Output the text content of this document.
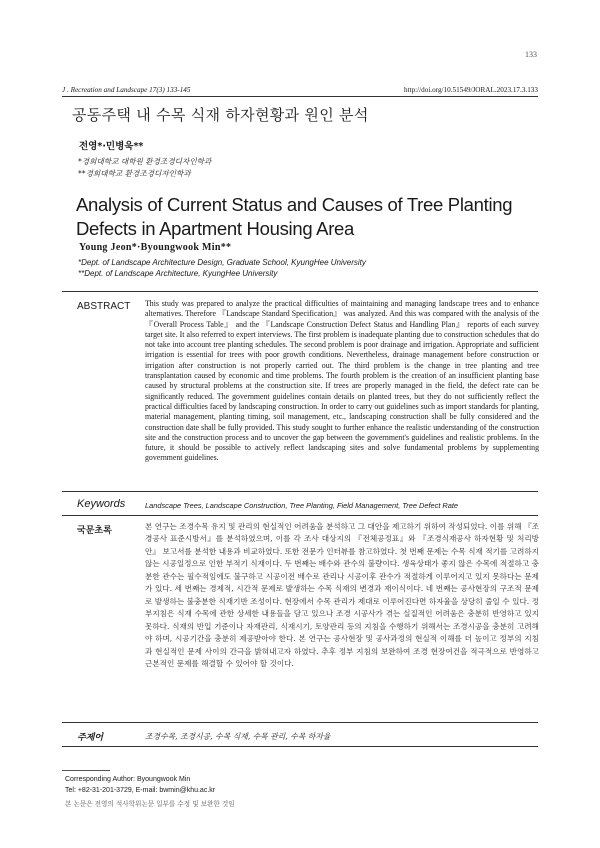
133
J . Recreation and Landscape 17(3) 133-145	http://doi.org/10.51549/JORAL.2023.17.3.133
공동주택 내 수목 식재 하자현황과 원인 분석
전영*·민병욱**
*경희대학교 대학원 환경조경디자인학과
**경희대학교 환경조경디자인학과
Analysis of Current Status and Causes of Tree Planting Defects in Apartment Housing Area
Young Jeon*·Byoungwook Min**
*Dept. of Landscape Architecture Design, Graduate School, KyungHee University
**Dept. of Landscape Architecture, KyungHee University
ABSTRACT This study was prepared to analyze the practical difficulties of maintaining and managing landscape trees and to enhance alternatives. Therefore 『Landscape Standard Specification』 was analyzed. And this was compared with the analysis of the 『Overall Process Table』 and the 『Landscape Construction Defect Status and Handling Plan』 reports of each survey target site. It also referred to expert interviews. The first problem is inadequate planting due to construction schedules that do not take into account tree planting schedules. The second problem is poor drainage and irrigation. Appropriate and sufficient irrigation is essential for trees with poor growth conditions. Nevertheless, drainage management before construction or irrigation after construction is not properly carried out. The third problem is the change in tree planting and tree transplantation caused by economic and time problems. The fourth problem is the creation of an insufficient planting base caused by structural problems at the construction site. If trees are properly managed in the field, the defect rate can be significantly reduced. The government guidelines contain details on planted trees, but they do not sufficiently reflect the practical difficulties faced by landscaping construction. In order to carry out guidelines such as import standards for planting, material management, planting timing, soil management, etc., landscaping construction shall be fully considered and the construction date shall be fully provided. This study sought to further enhance the realistic understanding of the construction site and the construction process and to uncover the gap between the government's guidelines and realistic problems. In the future, it should be possible to actively reflect landscaping sites and solve fundamental problems by supplementing government guidelines.
Keywords	Landscape Trees, Landscape Construction, Tree Planting, Field Management, Tree Defect Rate
국문초록	본 연구는 조경수목 유지 및 관리의 현실적인 어려움을 분석하고 그 대안을 제고하기 위하여 작성되었다. 이를 위해 『조경공사 표준시방서』를 분석하였으며, 이를 각 조사 대상지의 『전체공정표』와 『조경식재공사 하자현황 및 처리방안』 보고서를 분석한 내용과 비교하였다. 또한 전문가 인터뷰를 참고하였다. 첫 번째 문제는 수목 식재 적기를 고려하지 않는 시공일정으로 인한 부적기 식재이다. 두 번째는 배수와 관수의 불량이다. 생육상태가 좋지 않은 수목에 적절하고 충분한 관수는 필수적임에도 불구하고 시공이전 배수로 관리나 시공이후 관수가 적절하게 이루어지고 있지 못하다는 문제가 있다. 세 번째는 경제적, 시간적 문제로 발생하는 수목 식재의 변경과 재이식이다. 네 번째는 공사현장의 구조적 문제로 발생하는 불충분한 식재기반 조성이다. 현장에서 수목 관리가 제대로 이루어진다면 하자율을 상당히 줄일 수 있다. 정부지침은 식재 수목에 관한 상세한 내용들을 담고 있으나 조경 시공사가 겪는 실질적인 어려움은 충분히 반영하고 있지 못하다. 식재의 반입 기준이나 자재관리, 식재시기, 토양관리 등의 지침을 수행하기 위해서는 조경시공을 충분히 고려해야 하며, 시공기간을 충분히 제공받아야 한다. 본 연구는 공사현장 및 공사과정의 현실적 이해를 더 높이고 정부의 지침과 현실적인 문제 사이의 간극을 밝혀내고자 하였다. 추후 정부 지침의 보완하여 조경 현장여건을 적극적으로 반영하고 근본적인 문제를 해결할 수 있어야 할 것이다.
주제어	조경수목, 조경시공, 수목 식재, 수목 관리, 수목 하자율
Corresponding Author: Byoungwook Min
Tel: +82-31-201-3729, E-mail: bwmin@khu.ac.kr
본 논문은 전영의 석사학위논문 일부를 수정 및 보완한 것임
